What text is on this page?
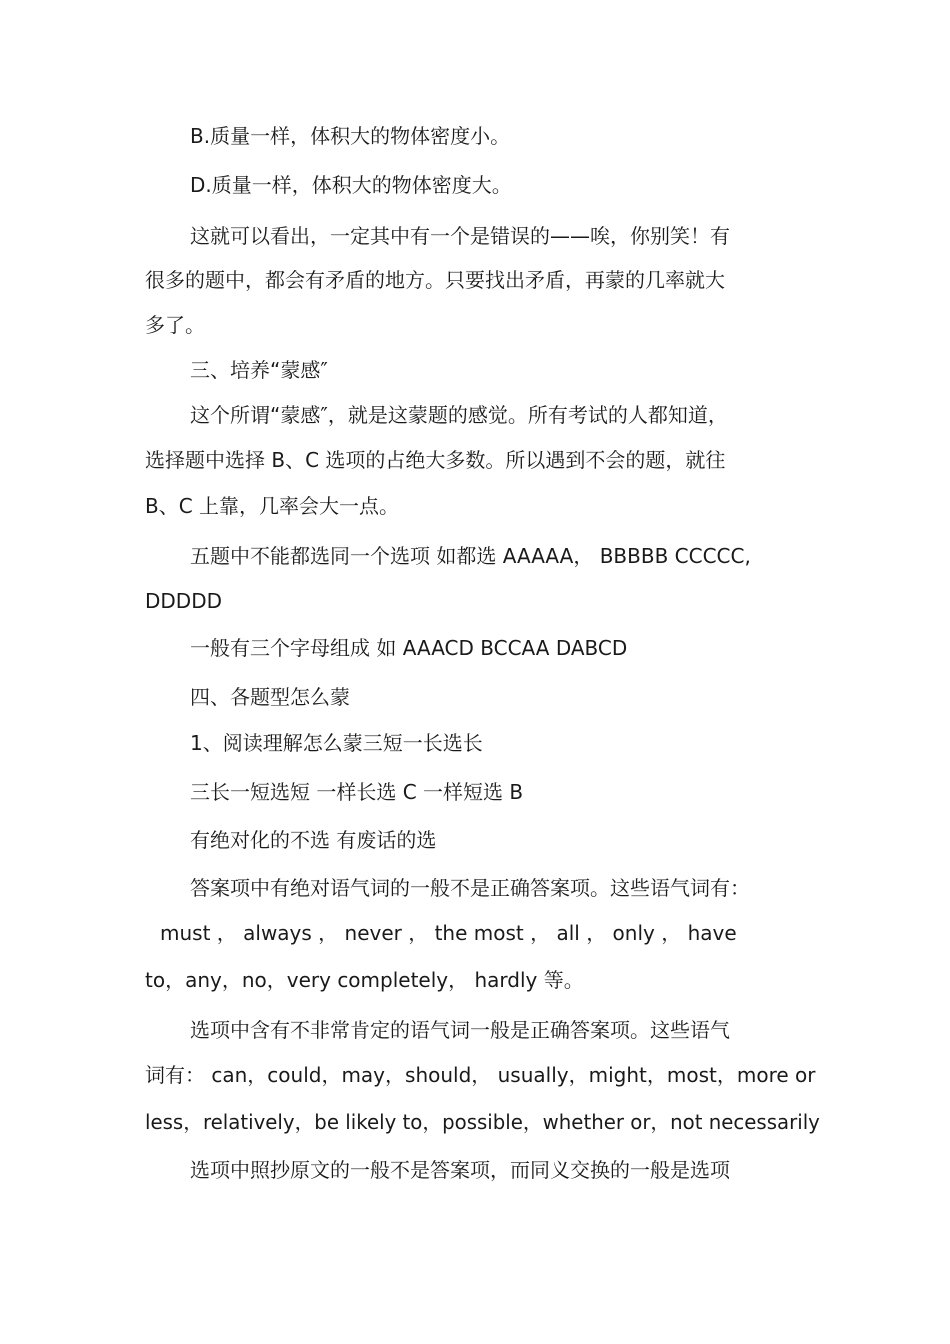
B.质量一样，体积大的物体密度小。
D.质量一样，体积大的物体密度大。
这就可以看出，一定其中有一个是错误的——唉，你别笑！有
很多的题中，都会有矛盾的地方。只要找出矛盾，再蒙的几率就大
多了。
三、培养“蒙感″
这个所谓“蒙感″，就是这蒙题的感觉。所有考试的人都知道，
选择题中选择 B、C 选项的占绝大多数。所以遇到不会的题，就往
B、C 上靠，几率会大一点。
五题中不能都选同一个选项 如都选 AAAAA， BBBBB CCCCC,
DDDDD
一般有三个字母组成 如 AAACD BCCAA DABCD
四、各题型怎么蒙
1、阅读理解怎么蒙三短一长选长
三长一短选短 一样长选 C 一样短选 B
有绝对化的不选 有废话的选
答案项中有绝对语气词的一般不是正确答案项。这些语气词有：
must ， always ， never ， the most ， all ， only ， have
to，any，no，very completely， hardly 等。
选项中含有不非常肯定的语气词一般是正确答案项。这些语气
词有： can，could，may，should， usually，might，most，more or
less，relatively，be likely to，possible，whether or，not necessarily
选项中照抄原文的一般不是答案项，而同义交换的一般是选项
